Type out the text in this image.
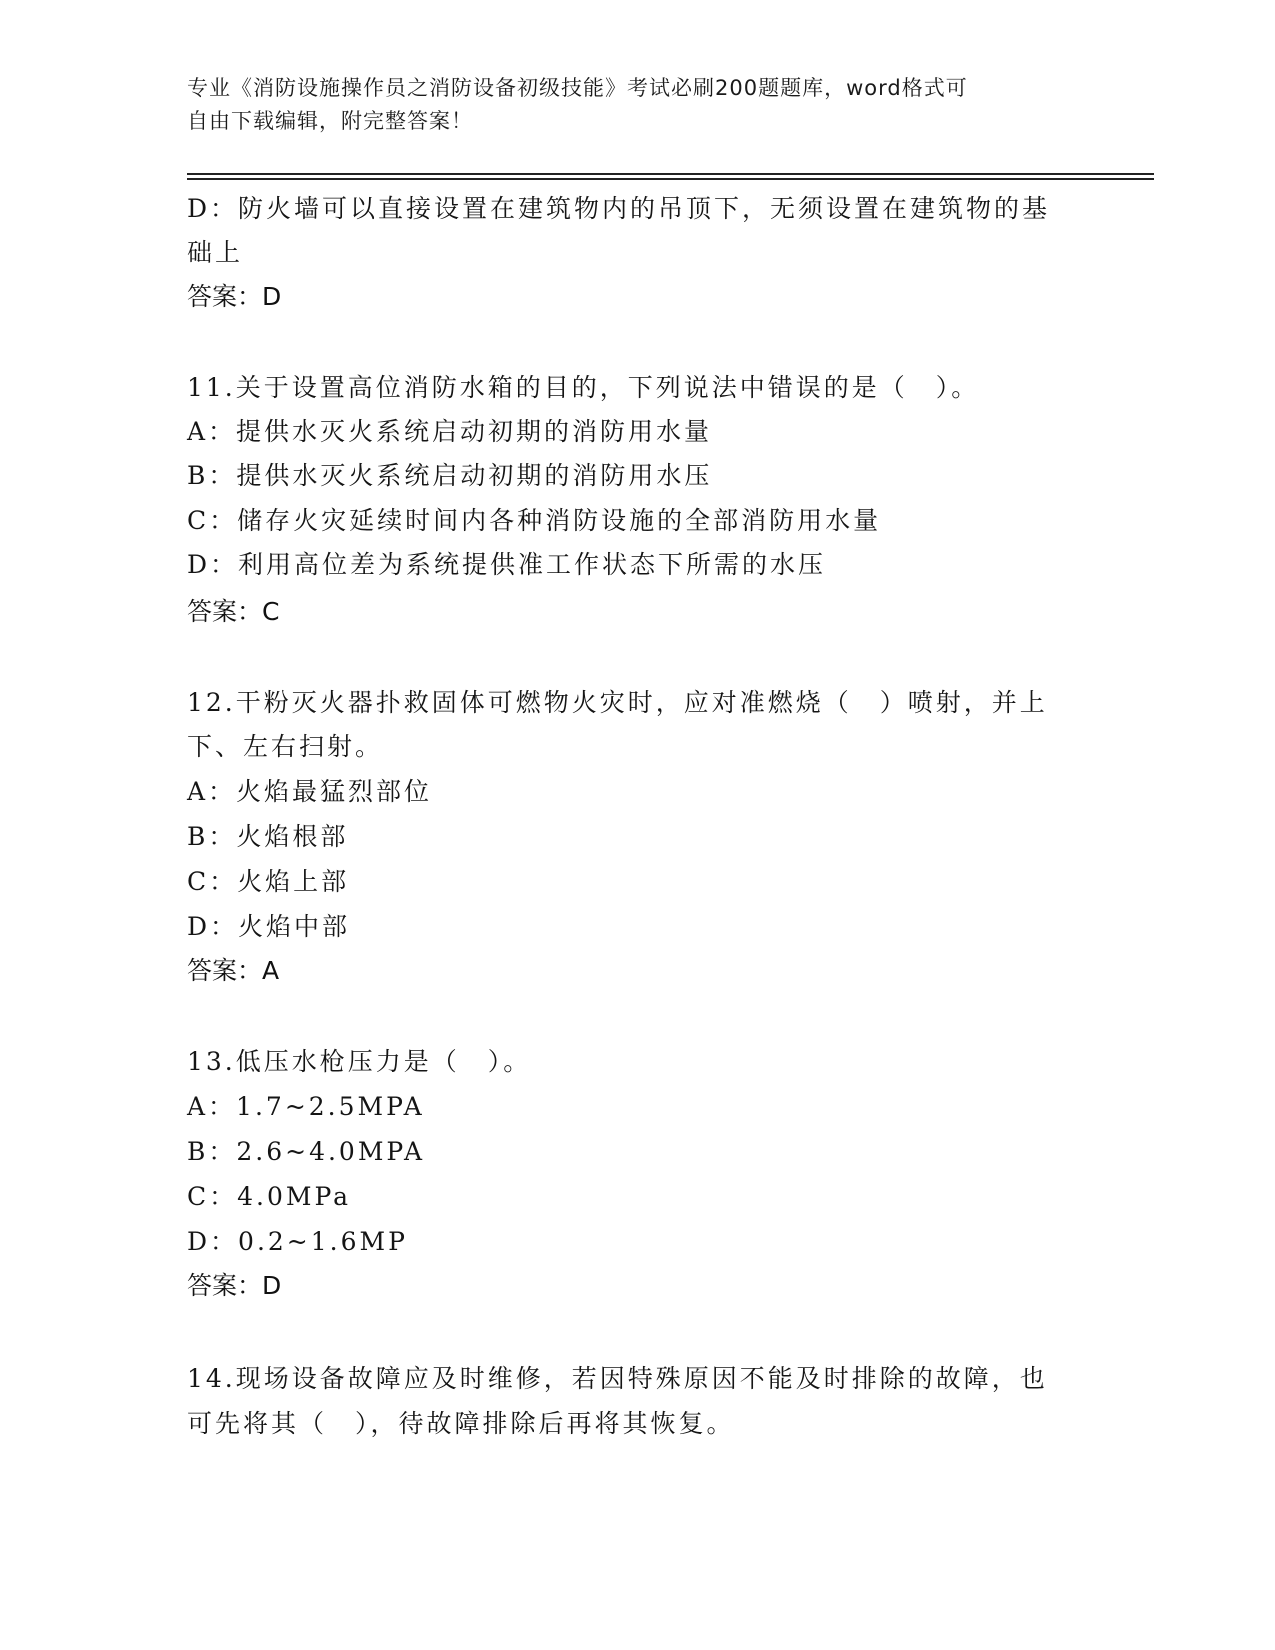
专业《消防设施操作员之消防设备初级技能》考试必刷200题题库，word格式可
自由下载编辑，附完整答案！
D：防火墙可以直接设置在建筑物内的吊顶下，无须设置在建筑物的基
础上
答案：D
11.关于设置高位消防水箱的目的，下列说法中错误的是（　）。
A：提供水灭火系统启动初期的消防用水量
B：提供水灭火系统启动初期的消防用水压
C：储存火灾延续时间内各种消防设施的全部消防用水量
D：利用高位差为系统提供准工作状态下所需的水压
答案：C
12.干粉灭火器扑救固体可燃物火灾时，应对准燃烧（　）喷射，并上
下、左右扫射。
A：火焰最猛烈部位
B：火焰根部
C：火焰上部
D：火焰中部
答案：A
13.低压水枪压力是（　）。
A：1.7~2.5MPA
B：2.6~4.0MPA
C：4.0MPa
D：0.2~1.6MP
答案：D
14.现场设备故障应及时维修，若因特殊原因不能及时排除的故障，也
可先将其（　），待故障排除后再将其恢复。
